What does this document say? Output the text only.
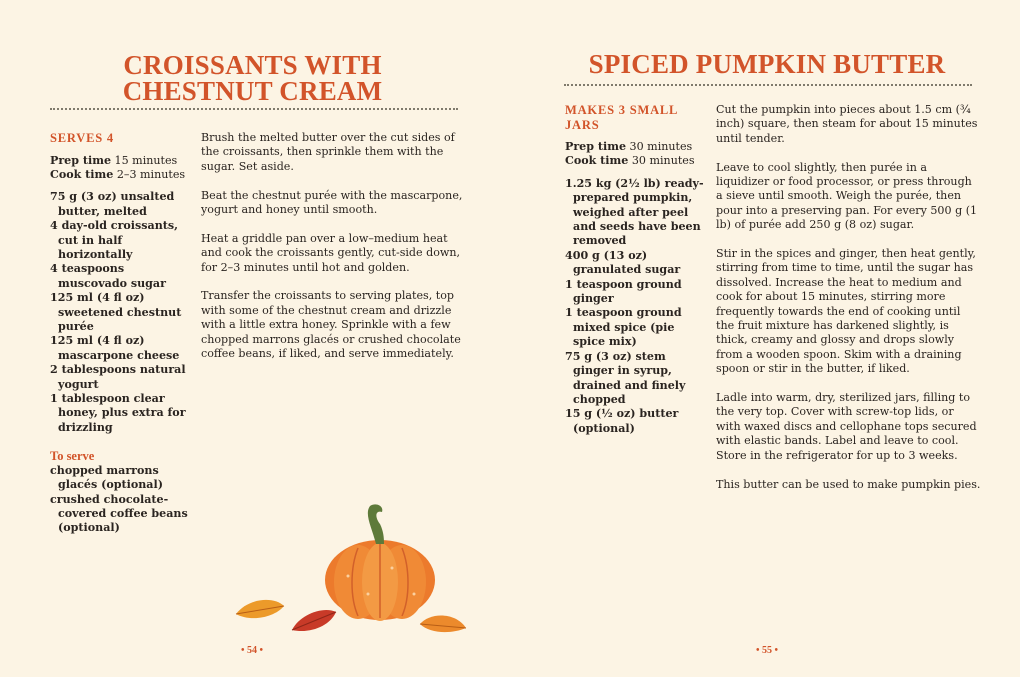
CROISSANTS WITH CHESTNUT CREAM
SERVES 4
Prep time 15 minutes
Cook time 2–3 minutes
75 g (3 oz) unsalted butter, melted
4 day-old croissants, cut in half horizontally
4 teaspoons muscovado sugar
125 ml (4 fl oz) sweetened chestnut purée
125 ml (4 fl oz) mascarpone cheese
2 tablespoons natural yogurt
1 tablespoon clear honey, plus extra for drizzling
To serve
chopped marrons glacés (optional)
crushed chocolate-covered coffee beans (optional)

Brush the melted butter over the cut sides of the croissants, then sprinkle them with the sugar. Set aside.

Beat the chestnut purée with the mascarpone, yogurt and honey until smooth.

Heat a griddle pan over a low–medium heat and cook the croissants gently, cut-side down, for 2–3 minutes until hot and golden.

Transfer the croissants to serving plates, top with some of the chestnut cream and drizzle with a little extra honey. Sprinkle with a few chopped marrons glacés or crushed chocolate coffee beans, if liked, and serve immediately.

• 54 •
SPICED PUMPKIN BUTTER
MAKES 3 SMALL JARS
Prep time 30 minutes
Cook time 30 minutes
1.25 kg (2½ lb) ready-prepared pumpkin, weighed after peel and seeds have been removed
400 g (13 oz) granulated sugar
1 teaspoon ground ginger
1 teaspoon ground mixed spice (pie spice mix)
75 g (3 oz) stem ginger in syrup, drained and finely chopped
15 g (½ oz) butter (optional)

Cut the pumpkin into pieces about 1.5 cm (¾ inch) square, then steam for about 15 minutes until tender.

Leave to cool slightly, then purée in a liquidizer or food processor, or press through a sieve until smooth. Weigh the purée, then pour into a preserving pan. For every 500 g (1 lb) of purée add 250 g (8 oz) sugar.

Stir in the spices and ginger, then heat gently, stirring from time to time, until the sugar has dissolved. Increase the heat to medium and cook for about 15 minutes, stirring more frequently towards the end of cooking until the fruit mixture has darkened slightly, is thick, creamy and glossy and drops slowly from a wooden spoon. Skim with a draining spoon or stir in the butter, if liked.

Ladle into warm, dry, sterilized jars, filling to the very top. Cover with screw-top lids, or with waxed discs and cellophane tops secured with elastic bands. Label and leave to cool. Store in the refrigerator for up to 3 weeks.

This butter can be used to make pumpkin pies.

• 55 •
